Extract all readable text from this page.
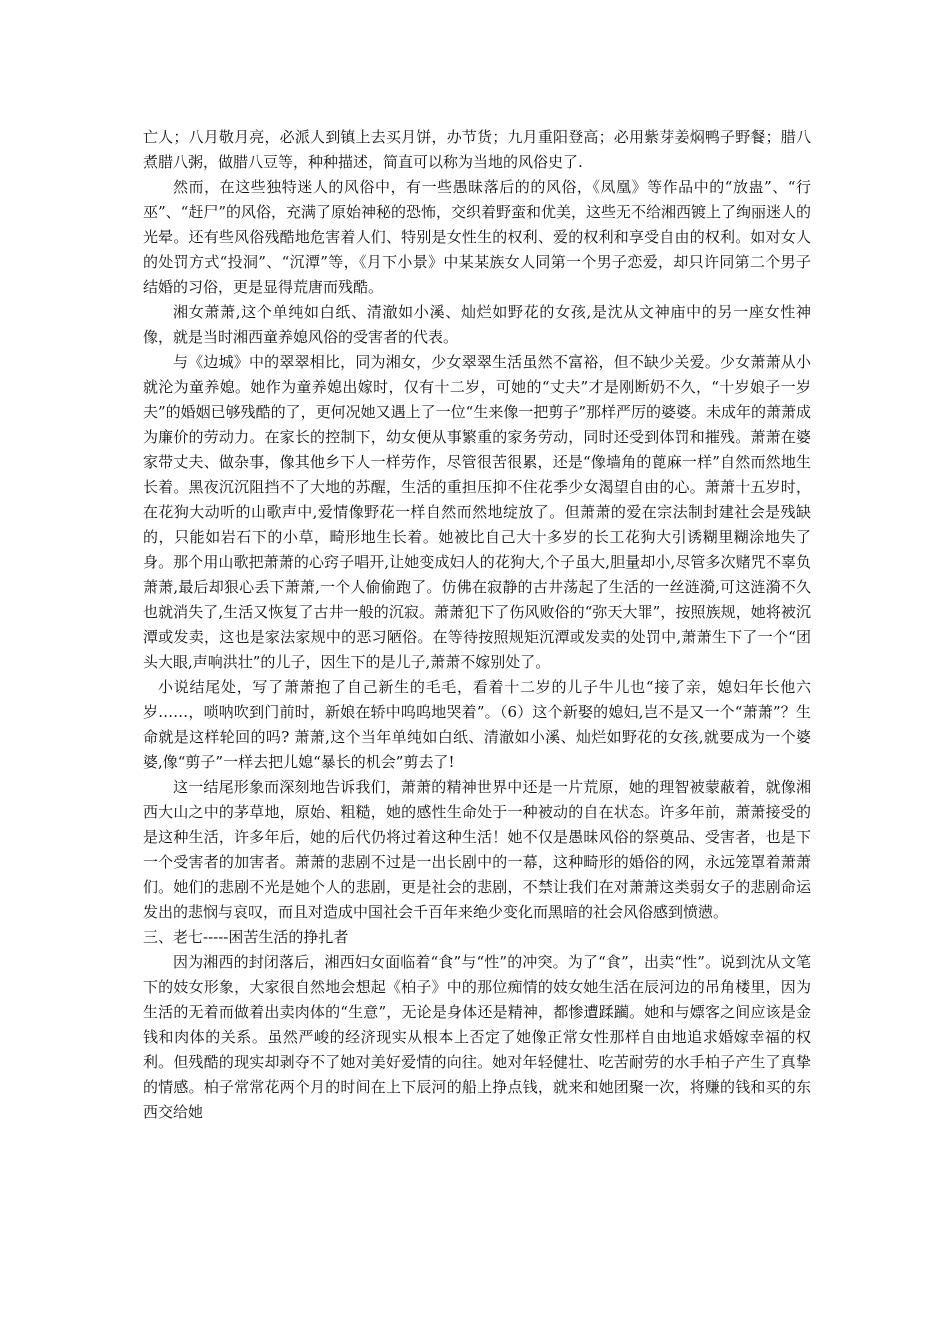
亡人；八月敬月亮，必派人到镇上去买月饼，办节货；九月重阳登高；必用紫芽姜焖鸭子野餐；腊八煮腊八粥，做腊八豆等，种种描述，简直可以称为当地的风俗史了.

然而，在这些独特迷人的风俗中，有一些愚昧落后的的风俗，《凤凰》等作品中的“放蛊”、“行巫”、“赶尸”的风俗，充满了原始神秘的恐怖，交织着野蛮和优美，这些无不给湘西镀上了绚丽迷人的光晕。还有些风俗残酷地危害着人们、特别是女性生的权利、爱的权利和享受自由的权利。如对女人的处罚方式“投洞”、“沉潭”等，《月下小景》中某某族女人同第一个男子恋爱，却只许同第二个男子结婚的习俗，更是显得荒唐而残酷。

湘女萧萧,这个单纯如白纸、清澈如小溪、灿烂如野花的女孩,是沈从文神庙中的另一座女性神像，就是当时湘西童养媳风俗的受害者的代表。

与《边城》中的翠翠相比，同为湘女，少女翠翠生活虽然不富裕，但不缺少关爱。少女萧萧从小就沦为童养媳。她作为童养媳出嫁时，仅有十二岁，可她的“丈夫”才是刚断奶不久，“十岁娘子一岁夫”的婚姻已够残酷的了，更何况她又遇上了一位“生来像一把剪子”那样严厉的婆婆。未成年的萧萧成为廉价的劳动力。在家长的控制下，幼女便从事繁重的家务劳动，同时还受到体罚和摧残。萧萧在婆家带丈夫、做杂事，像其他乡下人一样劳作，尽管很苦很累，还是“像墙角的蓖麻一样”自然而然地生长着。黑夜沉沉阻挡不了大地的苏醒，生活的重担压抑不住花季少女渴望自由的心。萧萧十五岁时，在花狗大动听的山歌声中,爱情像野花一样自然而然地绽放了。但萧萧的爱在宗法制封建社会是残缺的，只能如岩石下的小草，畸形地生长着。她被比自己大十多岁的长工花狗大引诱糊里糊涂地失了身。那个用山歌把萧萧的心窍子唱开,让她变成妇人的花狗大,个子虽大,胆量却小,尽管多次赌咒不辜负萧萧,最后却狠心丢下萧萧,一个人偷偷跑了。仿佛在寂静的古井荡起了生活的一丝涟漪,可这涟漪不久也就消失了,生活又恢复了古井一般的沉寂。萧萧犯下了伤风败俗的“弥天大罪”，按照族规，她将被沉潭或发卖，这也是家法家规中的恶习陋俗。在等待按照规矩沉潭或发卖的处罚中,萧萧生下了一个“团头大眼,声响洪壮”的儿子，因生下的是儿子,萧萧不嫁别处了。

小说结尾处，写了萧萧抱了自己新生的毛毛，看着十二岁的儿子牛儿也“接了亲，媳妇年长他六岁……，唢呐吹到门前时，新娘在轿中呜呜地哭着”。（6）这个新娶的媳妇,岂不是又一个“萧萧”？生命就是这样轮回的吗? 萧萧,这个当年单纯如白纸、清澈如小溪、灿烂如野花的女孩,就要成为一个婆婆,像“剪子”一样去把儿媳“暴长的机会”剪去了!

这一结尾形象而深刻地告诉我们，萧萧的精神世界中还是一片荒原，她的理智被蒙蔽着，就像湘西大山之中的茅草地，原始、粗糙，她的感性生命处于一种被动的自在状态。许多年前，萧萧接受的是这种生活，许多年后，她的后代仍将过着这种生活！她不仅是愚昧风俗的祭奠品、受害者，也是下一个受害者的加害者。萧萧的悲剧不过是一出长剧中的一幕，这种畸形的婚俗的网，永远笼罩着萧萧们。她们的悲剧不光是她个人的悲剧，更是社会的悲剧，不禁让我们在对萧萧这类弱女子的悲剧命运发出的悲悯与哀叹，而且对造成中国社会千百年来绝少变化而黑暗的社会风俗感到愤懑。

三、老七-----困苦生活的挣扎者

因为湘西的封闭落后，湘西妇女面临着“食”与“性”的冲突。为了“食”，出卖“性”。说到沈从文笔下的妓女形象，大家很自然地会想起《柏子》中的那位痴情的妓女她生活在辰河边的吊角楼里，因为生活的无着而做着出卖肉体的“生意”，无论是身体还是精神，都惨遭蹂躏。她和与嫖客之间应该是金钱和肉体的关系。虽然严峻的经济现实从根本上否定了她像正常女性那样自由地追求婚嫁幸福的权利。但残酷的现实却剥夺不了她对美好爱情的向往。她对年轻健壮、吃苦耐劳的水手柏子产生了真挚的情感。柏子常常花两个月的时间在上下辰河的船上挣点钱，就来和她团聚一次，将赚的钱和买的东西交给她
